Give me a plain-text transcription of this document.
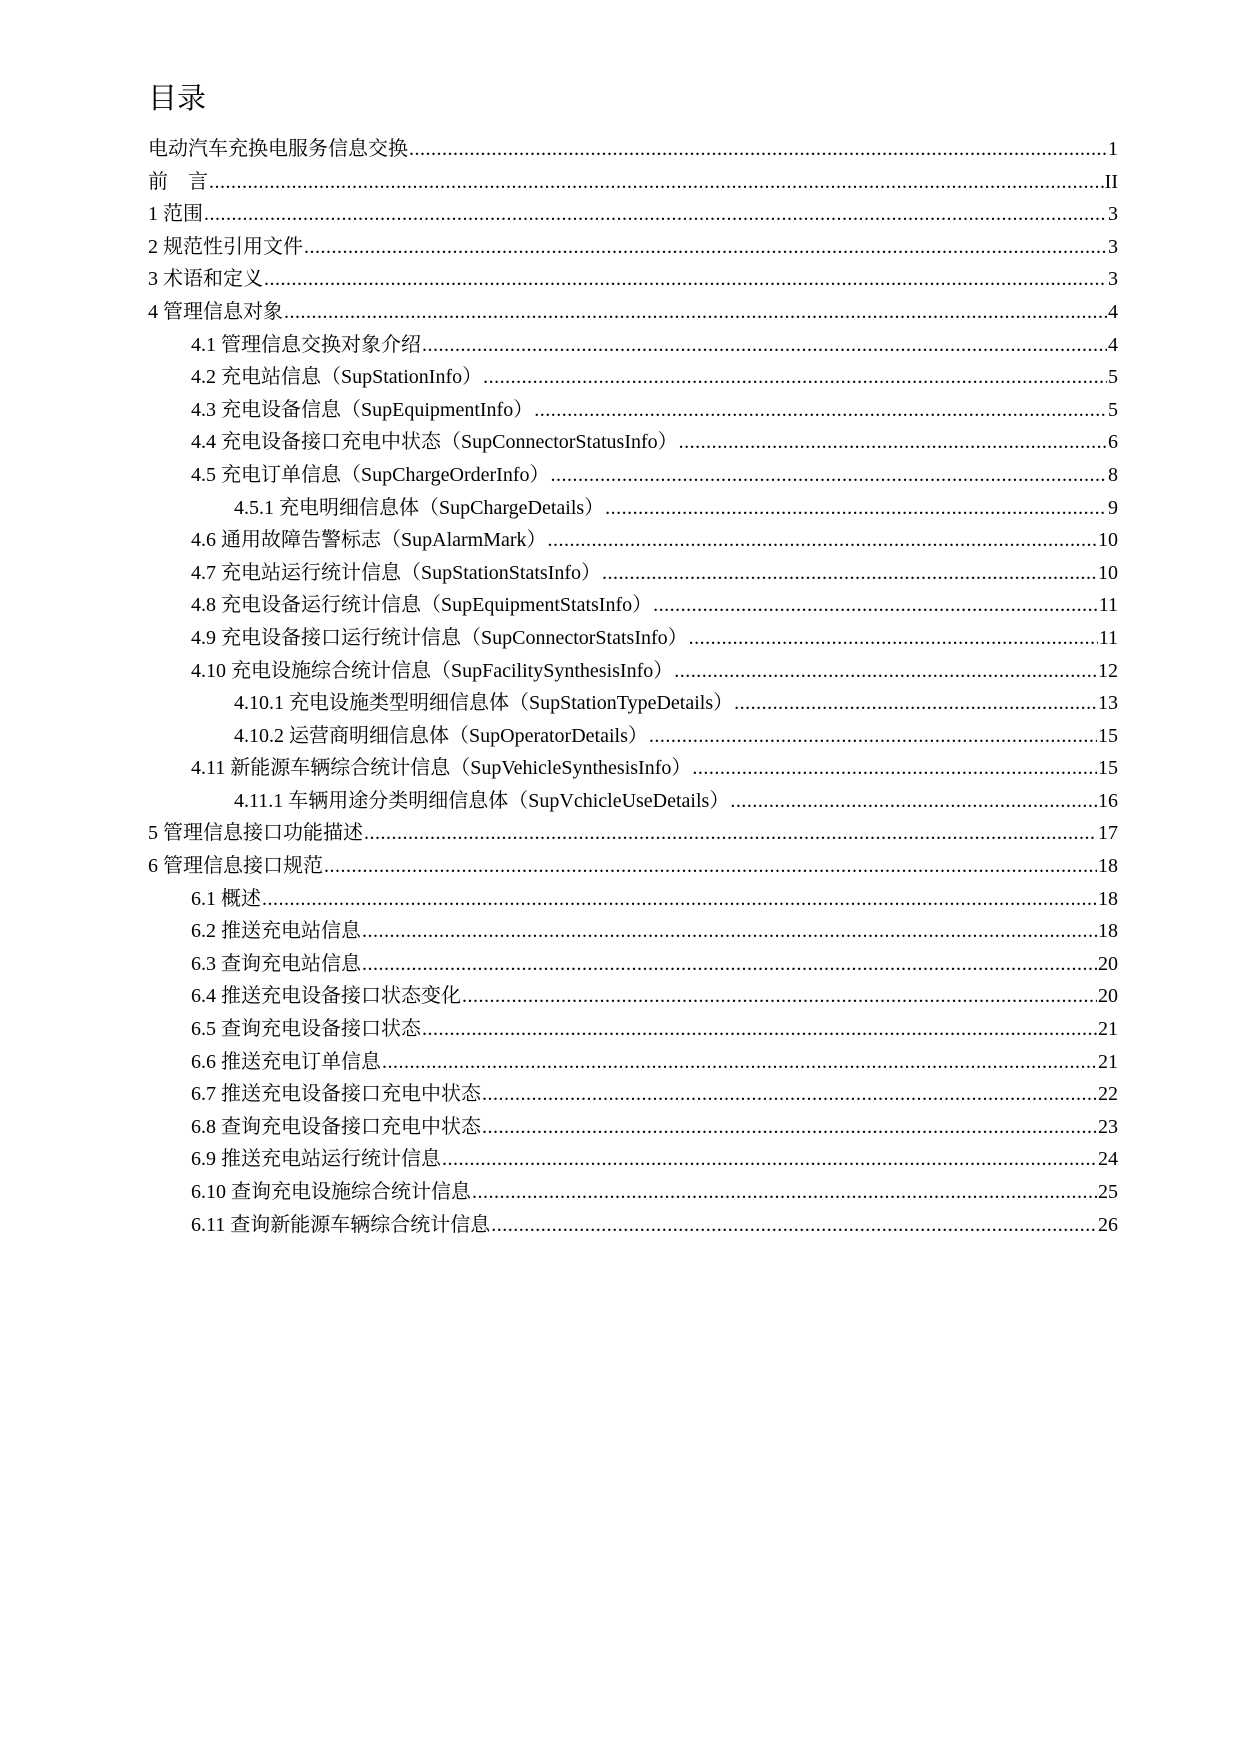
目录
电动汽车充换电服务信息交换 .....	1
前　言 .....	II
1 范围 .....	3
2 规范性引用文件 .....	3
3 术语和定义 .....	3
4 管理信息对象 .....	4
4.1 管理信息交换对象介绍 .....	4
4.2 充电站信息（SupStationInfo） .....	5
4.3 充电设备信息（SupEquipmentInfo） .....	5
4.4 充电设备接口充电中状态（SupConnectorStatusInfo） .....	6
4.5 充电订单信息（SupChargeOrderInfo） .....	8
4.5.1 充电明细信息体（SupChargeDetails） .....	9
4.6 通用故障告警标志（SupAlarmMark） .....	10
4.7 充电站运行统计信息（SupStationStatsInfo） .....	10
4.8 充电设备运行统计信息（SupEquipmentStatsInfo） .....	11
4.9 充电设备接口运行统计信息（SupConnectorStatsInfo） .....	11
4.10 充电设施综合统计信息（SupFacilitySynthesisInfo） .....	12
4.10.1 充电设施类型明细信息体（SupStationTypeDetails） .....	13
4.10.2 运营商明细信息体（SupOperatorDetails） .....	15
4.11 新能源车辆综合统计信息（SupVehicleSynthesisInfo） .....	15
4.11.1 车辆用途分类明细信息体（SupVchicleUseDetails） .....	16
5 管理信息接口功能描述 .....	17
6 管理信息接口规范 .....	18
6.1 概述 .....	18
6.2 推送充电站信息 .....	18
6.3 查询充电站信息 .....	20
6.4 推送充电设备接口状态变化 .....	20
6.5 查询充电设备接口状态 .....	21
6.6 推送充电订单信息 .....	21
6.7 推送充电设备接口充电中状态 .....	22
6.8 查询充电设备接口充电中状态 .....	23
6.9 推送充电站运行统计信息 .....	24
6.10 查询充电设施综合统计信息 .....	25
6.11 查询新能源车辆综合统计信息 .....	26
